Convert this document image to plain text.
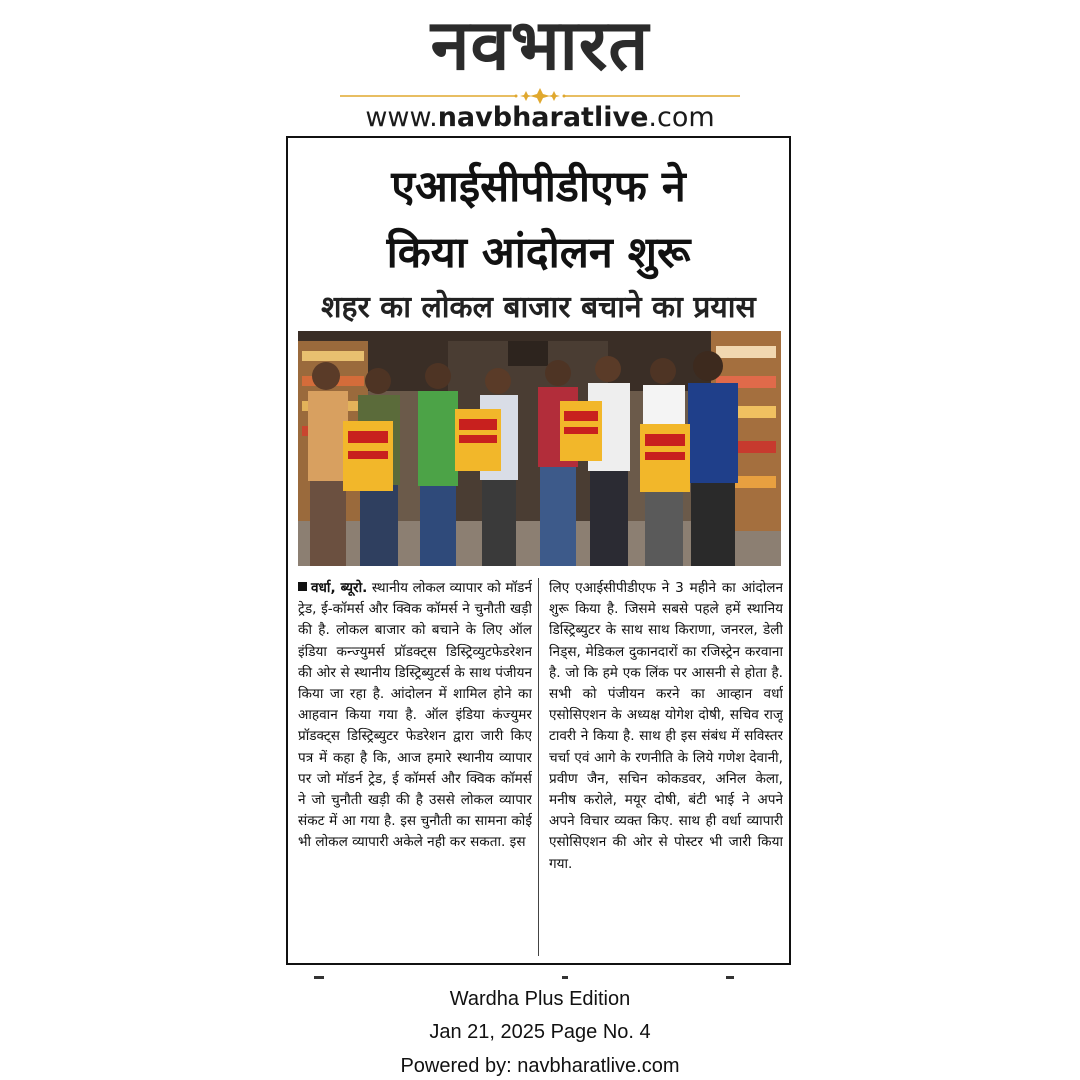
नवभारत
www.navbharatlive.com
एआईसीपीडीएफ ने
किया आंदोलन शुरू
शहर का लोकल बाजार बचाने का प्रयास
वर्धा, ब्यूरो. स्थानीय लोकल व्यापार को मॉडर्न ट्रेड, ई-कॉमर्स और क्विक कॉमर्स ने चुनौती खड़ी की है. लोकल बाजार को बचाने के लिए ऑल इंडिया कन्ज्युमर्स प्रॉडक्ट्स डिस्ट्रिव्युटफेडरेशन की ओर से स्थानीय डिस्ट्रिब्युटर्स के साथ पंजीयन किया जा रहा है. आंदोलन में शामिल होने का आहवान किया गया है. ऑल इंडिया कंज्युमर प्रॉडक्ट्स डिस्ट्रिब्युटर फेडरेशन द्वारा जारी किए पत्र में कहा है कि, आज हमारे स्थानीय व्यापार पर जो मॉडर्न ट्रेड, ई कॉमर्स और क्विक कॉमर्स ने जो चुनौती खड़ी की है उससे लोकल व्यापार संकट में आ गया है. इस चुनौती का सामना कोई भी लोकल व्यापारी अकेले नही कर सकता. इस
लिए एआईसीपीडीएफ ने 3 महीने का आंदोलन शुरू किया है. जिसमे सबसे पहले हमें स्थानिय डिस्ट्रिब्युटर के साथ साथ किराणा, जनरल, डेली निड्स, मेडिकल दुकानदारों का रजिस्ट्रेन करवाना है. जो कि हमे एक लिंक पर आसनी से होता है. सभी को पंजीयन करने का आव्हान वर्धा एसोसिएशन के अध्यक्ष योगेश दोषी, सचिव राजू टावरी ने किया है. साथ ही इस संबंध में सविस्तर चर्चा एवं आगे के रणनीति के लिये गणेश देवानी, प्रवीण जैन, सचिन कोकडवर, अनिल केला, मनीष करोले, मयूर दोषी, बंटी भाई ने अपने अपने विचार व्यक्त किए. साथ ही वर्धा व्यापारी एसोसिएशन की ओर से पोस्टर भी जारी किया गया.
Wardha Plus Edition
Jan 21, 2025 Page No. 4
Powered by: navbharatlive.com
